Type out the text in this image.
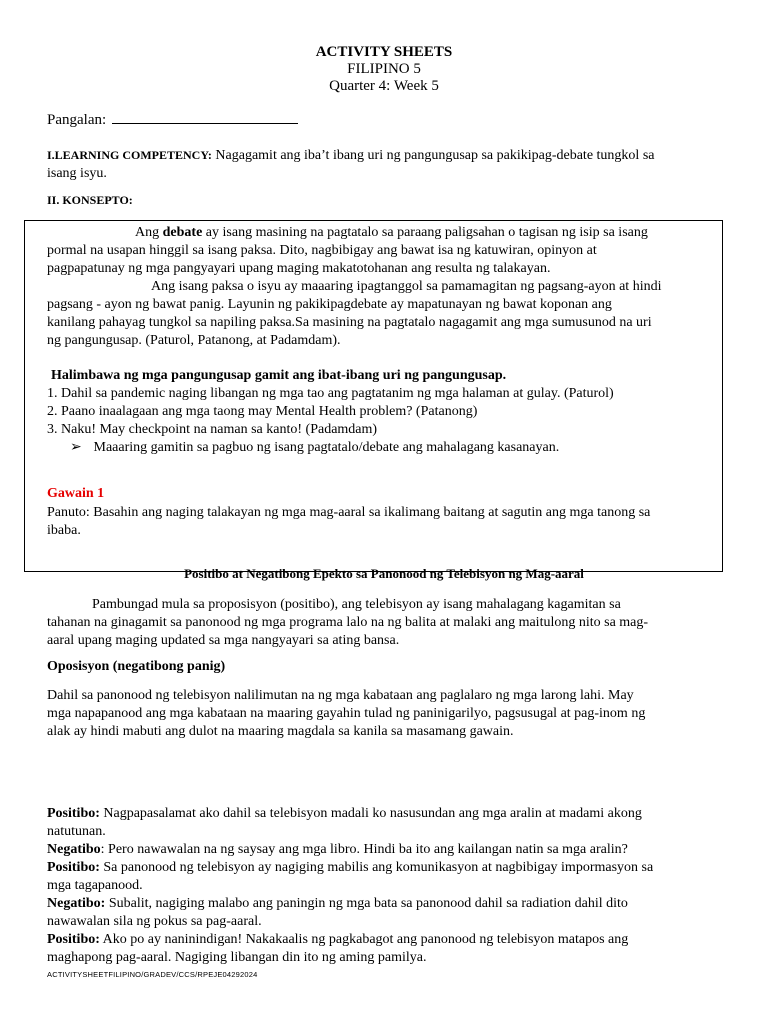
ACTIVITY SHEETS
FILIPINO 5
Quarter 4: Week 5
Pangalan:
I.LEARNING COMPETENCY: Nagagamit ang iba’t ibang uri ng pangungusap sa pakikipag-debate tungkol sa
isang isyu.
II. KONSEPTO:
Ang debate ay isang masining na pagtatalo sa paraang paligsahan o tagisan ng isip sa isang
pormal na usapan hinggil sa isang paksa. Dito, nagbibigay ang bawat isa ng katuwiran, opinyon at
pagpapatunay ng mga pangyayari upang maging makatotohanan ang resulta ng talakayan.
Ang isang paksa o isyu ay maaaring ipagtanggol sa pamamagitan ng pagsang-ayon at hindi
pagsang - ayon ng bawat panig. Layunin ng pakikipagdebate ay mapatunayan ng bawat koponan ang
kanilang pahayag tungkol sa napiling paksa.Sa masining na pagtatalo nagagamit ang mga sumusunod na uri
ng pangungusap. (Paturol, Patanong, at Padamdam).
Halimbawa ng mga pangungusap gamit ang ibat-ibang uri ng pangungusap.
1. Dahil sa pandemic naging libangan ng mga tao ang pagtatanim ng mga halaman at gulay. (Paturol)
2. Paano inaalagaan ang mga taong may Mental Health problem? (Patanong)
3. Naku! May checkpoint na naman sa kanto! (Padamdam)
➢ Maaaring gamitin sa pagbuo ng isang pagtatalo/debate ang mahalagang kasanayan.
Gawain 1
Panuto: Basahin ang naging talakayan ng mga mag-aaral sa ikalimang baitang at sagutin ang mga tanong sa
ibaba.
Positibo at Negatibong Epekto sa Panonood ng Telebisyon ng Mag-aaral
Pambungad mula sa proposisyon (positibo), ang telebisyon ay isang mahalagang kagamitan sa
tahanan na ginagamit sa panonood ng mga programa lalo na ng balita at malaki ang maitulong nito sa mag-
aaral upang maging updated sa mga nangyayari sa ating bansa.
Oposisyon (negatibong panig)
Dahil sa panonood ng telebisyon nalilimutan na ng mga kabataan ang paglalaro ng mga larong lahi. May
mga napapanood ang mga kabataan na maaring gayahin tulad ng paninigarilyo, pagsusugal at pag-inom ng
alak ay hindi mabuti ang dulot na maaring magdala sa kanila sa masamang gawain.
Positibo: Nagpapasalamat ako dahil sa telebisyon madali ko nasusundan ang mga aralin at madami akong
natutunan.
Negatibo: Pero nawawalan na ng saysay ang mga libro. Hindi ba ito ang kailangan natin sa mga aralin?
Positibo: Sa panonood ng telebisyon ay nagiging mabilis ang komunikasyon at nagbibigay impormasyon sa
mga tagapanood.
Negatibo: Subalit, nagiging malabo ang paningin ng mga bata sa panonood dahil sa radiation dahil dito
nawawalan sila ng pokus sa pag-aaral.
Positibo: Ako po ay naninindigan! Nakakaalis ng pagkabagot ang panonood ng telebisyon matapos ang
maghapong pag-aaral. Nagiging libangan din ito ng aming pamilya.
ACTIVITYSHEETFILIPINO/GRADEV/CCS/RPEJE04292024
